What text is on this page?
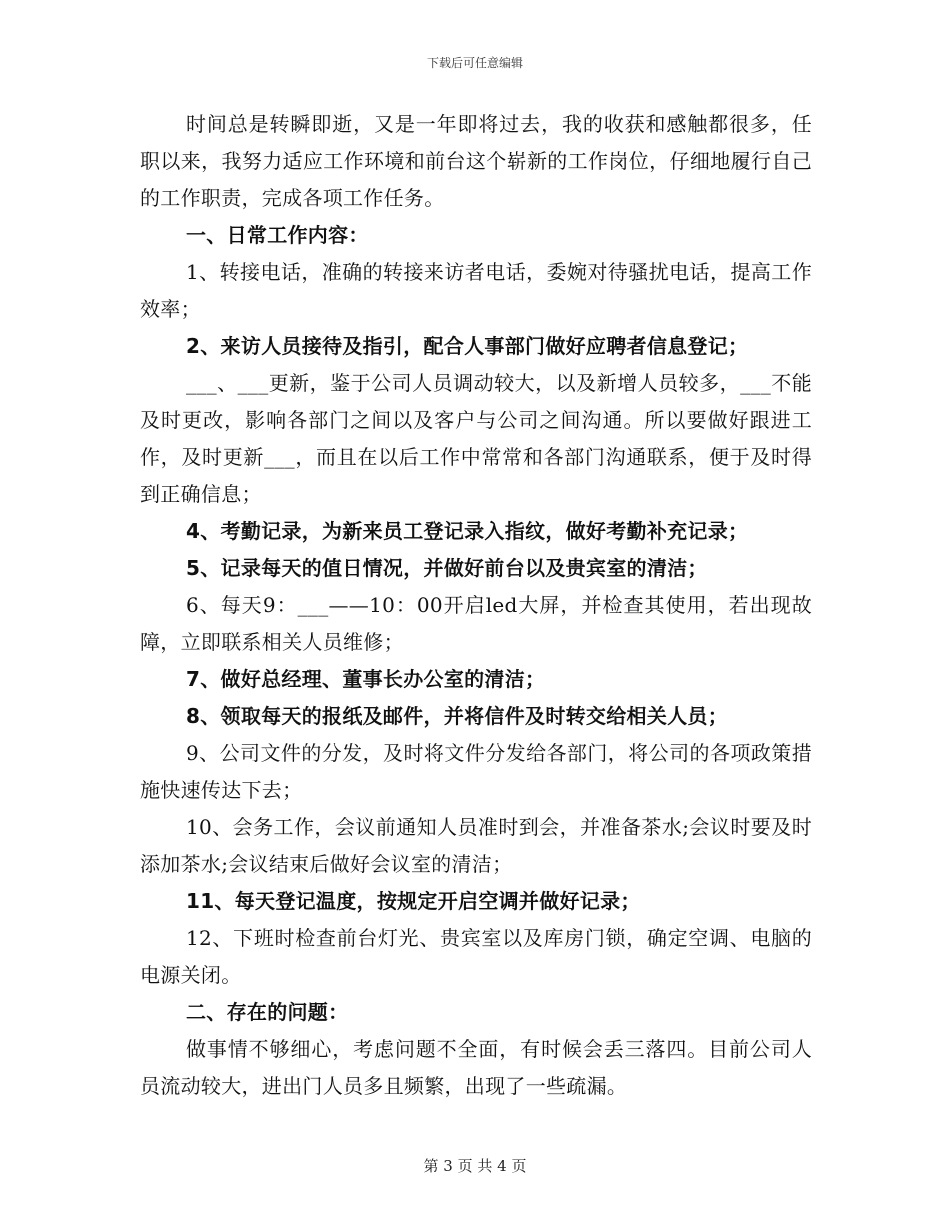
下载后可任意编辑

时间总是转瞬即逝，又是一年即将过去，我的收获和感触都很多，任职以来，我努力适应工作环境和前台这个崭新的工作岗位，仔细地履行自己的工作职责，完成各项工作任务。

一、日常工作内容：

1、转接电话，准确的转接来访者电话，委婉对待骚扰电话，提高工作效率；

2、来访人员接待及指引，配合人事部门做好应聘者信息登记；

___、___更新，鉴于公司人员调动较大，以及新增人员较多，___不能及时更改，影响各部门之间以及客户与公司之间沟通。所以要做好跟进工作，及时更新___，而且在以后工作中常常和各部门沟通联系，便于及时得到正确信息；

4、考勤记录，为新来员工登记录入指纹，做好考勤补充记录；

5、记录每天的值日情况，并做好前台以及贵宾室的清洁；

6、每天9：___——10：00开启led大屏，并检查其使用，若出现故障，立即联系相关人员维修；

7、做好总经理、董事长办公室的清洁；

8、领取每天的报纸及邮件，并将信件及时转交给相关人员；

9、公司文件的分发，及时将文件分发给各部门，将公司的各项政策措施快速传达下去；

10、会务工作，会议前通知人员准时到会，并准备茶水;会议时要及时添加茶水;会议结束后做好会议室的清洁；

11、每天登记温度，按规定开启空调并做好记录；

12、下班时检查前台灯光、贵宾室以及库房门锁，确定空调、电脑的电源关闭。

二、存在的问题：

做事情不够细心，考虑问题不全面，有时候会丢三落四。目前公司人员流动较大，进出门人员多且频繁，出现了一些疏漏。

第 3 页 共 4 页
